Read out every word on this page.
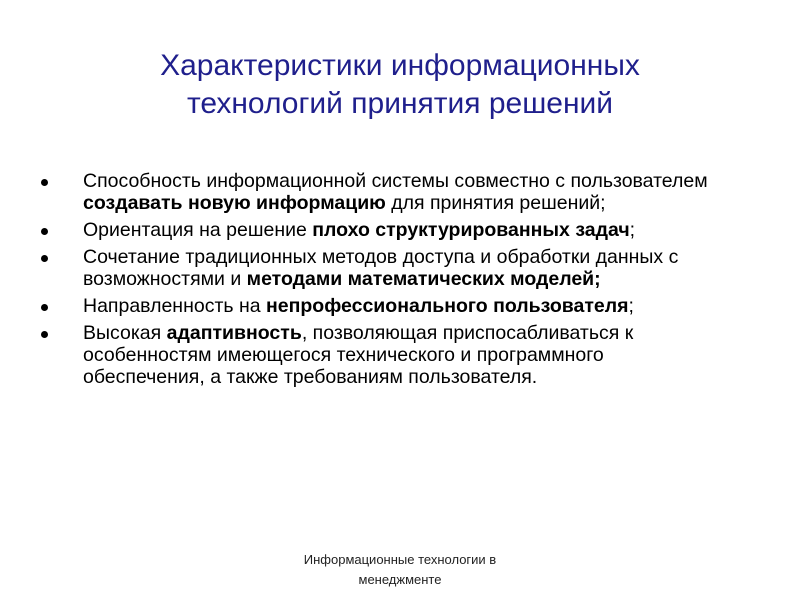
Характеристики информационных
технологий принятия решений
Способность информационной системы совместно с пользователем создавать новую информацию для принятия решений;
Ориентация на решение плохо структурированных задач;
Сочетание традиционных методов доступа и обработки данных с возможностями и методами математических моделей;
Направленность на непрофессионального пользователя;
Высокая адаптивность, позволяющая приспосабливаться к особенностям имеющегося технического и программного обеспечения, а также требованиям пользователя.
Информационные технологии в
менеджменте
